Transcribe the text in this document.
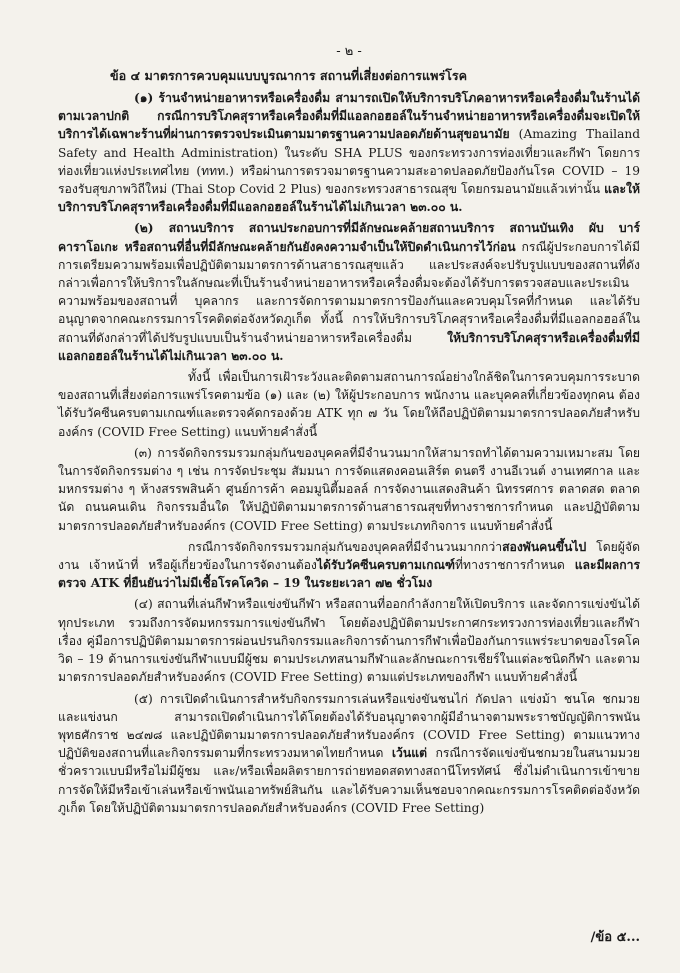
- ๒ -
ข้อ ๔ มาตรการควบคุมแบบบูรณาการ สถานที่เสี่ยงต่อการแพร่โรค

(๑) ร้านจำหน่ายอาหารหรือเครื่องดื่ม สามารถเปิดให้บริการบริโภคอาหารหรือเครื่องดื่มในร้านได้ตามเวลาปกติ กรณีการบริโภคสุราหรือเครื่องดื่มที่มีแอลกอฮอล์ในร้านจำหน่ายอาหารหรือเครื่องดื่มจะเปิดให้บริการได้เฉพาะร้านที่ผ่านการตรวจประเมินตามมาตรฐานความปลอดภัยด้านสุขอนามัย (Amazing Thailand Safety and Health Administration) ในระดับ SHA PLUS ของกระทรวงการท่องเที่ยวและกีฬา โดยการท่องเที่ยวแห่งประเทศไทย (ททท.) หรือผ่านการตรวจมาตรฐานความสะอาดปลอดภัยป้องกันโรค COVID – 19 รองรับสุขภาพวิถีใหม่ (Thai Stop Covid 2 Plus) ของกระทรวงสาธารณสุข โดยกรมอนามัยแล้วเท่านั้น และให้บริการบริโภคสุราหรือเครื่องดื่มที่มีแอลกอฮอล์ในร้านได้ไม่เกินเวลา ๒๓.๐๐ น.

(๒) สถานบริการ สถานประกอบการที่มีลักษณะคล้ายสถานบริการ สถานบันเทิง ผับ บาร์ คาราโอเกะ หรือสถานที่อื่นที่มีลักษณะคล้ายกันยังคงความจำเป็นให้ปิดดำเนินการไว้ก่อน กรณีผู้ประกอบการได้มีการเตรียมความพร้อมเพื่อปฏิบัติตามมาตรการด้านสาธารณสุขแล้ว และประสงค์จะปรับรูปแบบของสถานที่ดังกล่าวเพื่อการให้บริการในลักษณะที่เป็นร้านจำหน่ายอาหารหรือเครื่องดื่มจะต้องได้รับการตรวจสอบและประเมินความพร้อมของสถานที่ บุคลากร และการจัดการตามมาตรการป้องกันและควบคุมโรคที่กำหนด และได้รับอนุญาตจากคณะกรรมการโรคติดต่อจังหวัดภูเก็ต ทั้งนี้ การให้บริการบริโภคสุราหรือเครื่องดื่มที่มีแอลกอฮอล์ในสถานที่ดังกล่าวที่ได้ปรับรูปแบบเป็นร้านจำหน่ายอาหารหรือเครื่องดื่ม ให้บริการบริโภคสุราหรือเครื่องดื่มที่มีแอลกอฮอล์ในร้านได้ไม่เกินเวลา ๒๓.๐๐ น.

ทั้งนี้ เพื่อเป็นการเฝ้าระวังและติดตามสถานการณ์อย่างใกล้ชิดในการควบคุมการระบาดของสถานที่เสี่ยงต่อการแพร่โรคตามข้อ (๑) และ (๒) ให้ผู้ประกอบการ พนักงาน และบุคคลที่เกี่ยวข้องทุกคน ต้องได้รับวัคซีนครบตามเกณฑ์และตรวจคัดกรองด้วย ATK ทุก ๗ วัน โดยให้ถือปฏิบัติตามมาตรการปลอดภัยสำหรับองค์กร (COVID Free Setting) แนบท้ายคำสั่งนี้

(๓) การจัดกิจกรรมรวมกลุ่มกันของบุคคลที่มีจำนวนมากให้สามารถทำได้ตามความเหมาะสม โดยในการจัดกิจกรรมต่าง ๆ เช่น การจัดประชุม สัมมนา การจัดแสดงคอนเสิร์ต ดนตรี งานอีเวนต์ งานเทศกาล และมหกรรมต่าง ๆ ห้างสรรพสินค้า ศูนย์การค้า คอมมูนิตี้มอลล์ การจัดงานแสดงสินค้า นิทรรศการ ตลาดสด ตลาดนัด ถนนคนเดิน กิจกรรมอื่นใด ให้ปฏิบัติตามมาตรการด้านสาธารณสุขที่ทางราชการกำหนด และปฏิบัติตามมาตรการปลอดภัยสำหรับองค์กร (COVID Free Setting) ตามประเภทกิจการ แนบท้ายคำสั่งนี้

กรณีการจัดกิจกรรมรวมกลุ่มกันของบุคคลที่มีจำนวนมากกว่าสองพันคนขึ้นไป โดยผู้จัดงาน เจ้าหน้าที่ หรือผู้เกี่ยวข้องในการจัดงานต้องได้รับวัคซีนครบตามเกณฑ์ที่ทางราชการกำหนด และมีผลการตรวจ ATK ที่ยืนยันว่าไม่มีเชื้อโรคโควิด – 19 ในระยะเวลา ๗๒ ชั่วโมง

(๔) สถานที่เล่นกีฬาหรือแข่งขันกีฬา หรือสถานที่ออกกำลังกายให้เปิดบริการ และจัดการแข่งขันได้ทุกประเภท รวมถึงการจัดมหกรรมการแข่งขันกีฬา โดยต้องปฏิบัติตามประกาศกระทรวงการท่องเที่ยวและกีฬา เรื่อง คู่มือการปฏิบัติตามมาตรการผ่อนปรนกิจกรรมและกิจการด้านการกีฬาเพื่อป้องกันการแพร่ระบาดของโรคโควิด – 19 ด้านการแข่งขันกีฬาแบบมีผู้ชม ตามประเภทสนามกีฬาและลักษณะการเชียร์ในแต่ละชนิดกีฬา และตามมาตรการปลอดภัยสำหรับองค์กร (COVID Free Setting) ตามแต่ประเภทของกีฬา แนบท้ายคำสั่งนี้

(๕) การเปิดดำเนินการสำหรับกิจกรรมการเล่นหรือแข่งขันชนไก่ กัดปลา แข่งม้า ชนโค ชกมวย และแข่งนก สามารถเปิดดำเนินการได้โดยต้องได้รับอนุญาตจากผู้มีอำนาจตามพระราชบัญญัติการพนัน พุทธศักราช ๒๔๗๘ และปฏิบัติตามมาตรการปลอดภัยสำหรับองค์กร (COVID Free Setting) ตามแนวทางปฏิบัติของสถานที่และกิจกรรมตามที่กระทรวงมหาดไทยกำหนด เว้นแต่ กรณีการจัดแข่งขันชกมวยในสนามมวยชั่วคราวแบบมีหรือไม่มีผู้ชม และ/หรือเพื่อผลิตรายการถ่ายทอดสดทางสถานีโทรทัศน์ ซึ่งไม่ดำเนินการเข้าขายการจัดให้มีหรือเข้าเล่นหรือเข้าพนันเอาทรัพย์สินกัน และได้รับความเห็นชอบจากคณะกรรมการโรคติดต่อจังหวัดภูเก็ต โดยให้ปฏิบัติตามมาตรการปลอดภัยสำหรับองค์กร (COVID Free Setting)

/ข้อ ๕...
